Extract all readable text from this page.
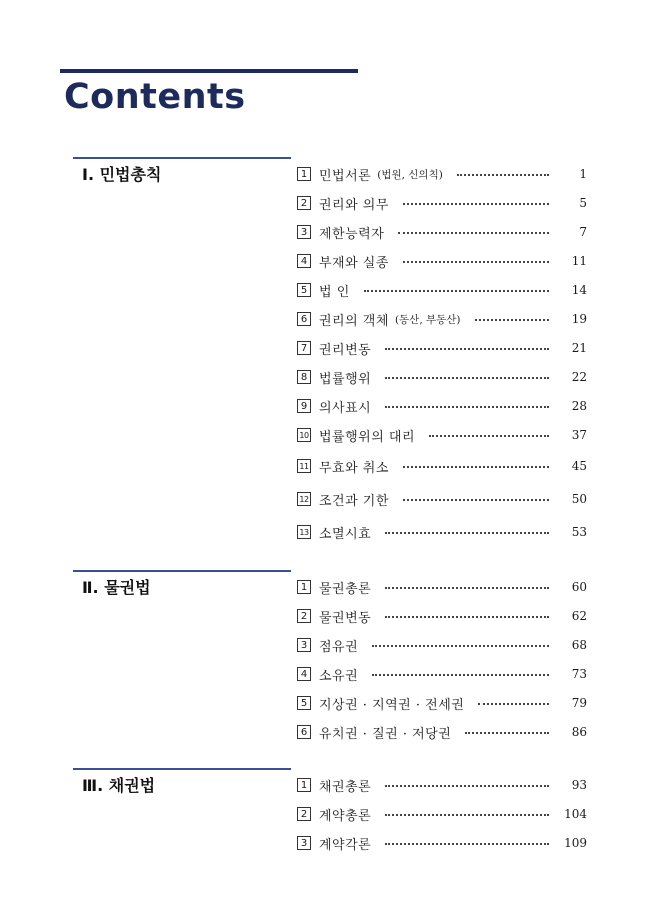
Contents
Ⅰ. 민법총칙
Ⅱ. 물권법
Ⅲ. 채권법
1 민법서론 (법원, 신의칙)	1
2 권리와 의무	5
3 제한능력자	7
4 부재와 실종	11
5 법 인	14
6 권리의 객체 (동산, 부동산)	19
7 권리변동	21
8 법률행위	22
9 의사표시	28
10 법률행위의 대리	37
11 무효와 취소	45
12 조건과 기한	50
13 소멸시효	53
1 물권총론	60
2 물권변동	62
3 점유권	68
4 소유권	73
5 지상권 · 지역권 · 전세권	79
6 유치권 · 질권 · 저당권	86
1 채권총론	93
2 계약총론	104
3 계약각론	109
